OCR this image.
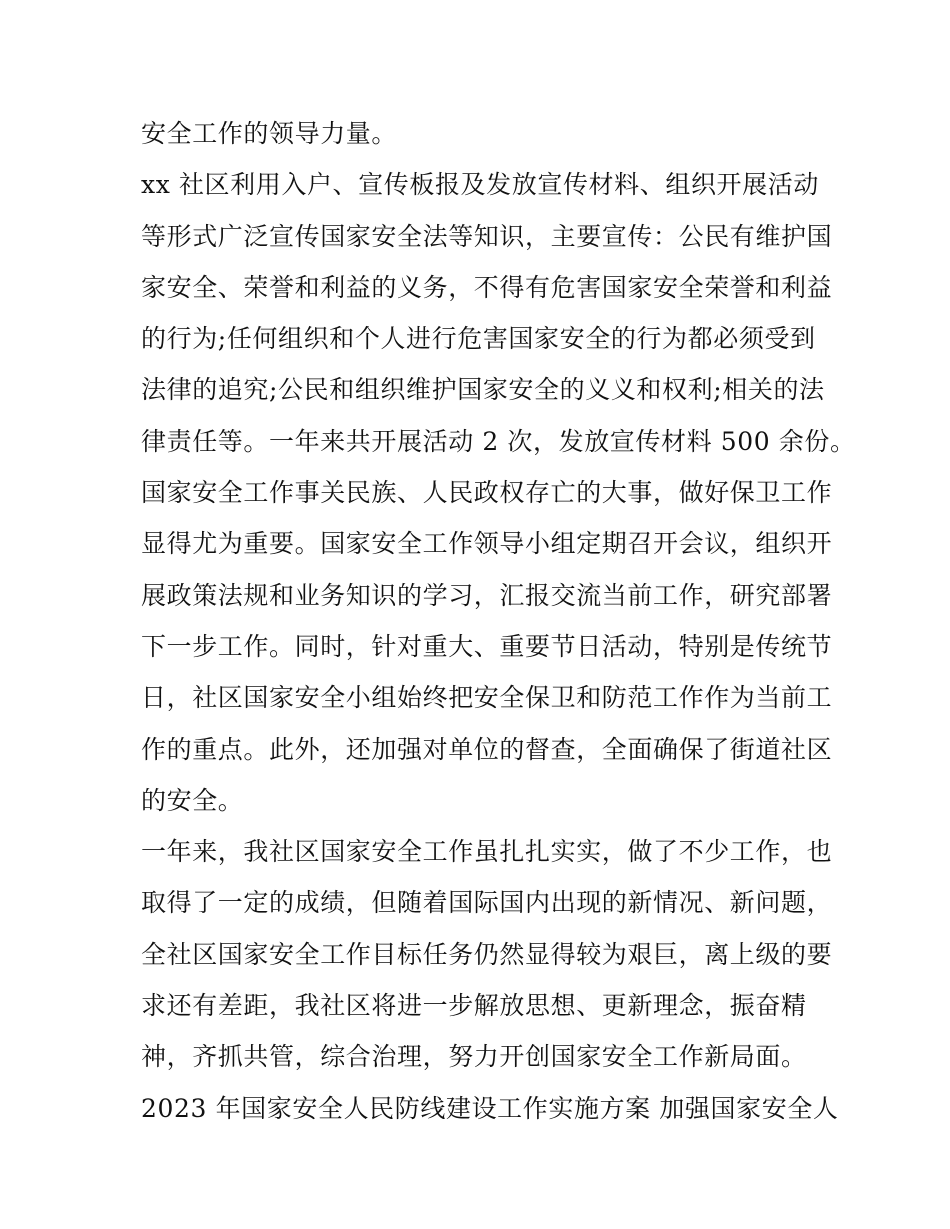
安全工作的领导力量。
xx 社区利用入户、宣传板报及发放宣传材料、组织开展活动
等形式广泛宣传国家安全法等知识，主要宣传：公民有维护国
家安全、荣誉和利益的义务，不得有危害国家安全荣誉和利益
的行为;任何组织和个人进行危害国家安全的行为都必须受到
法律的追究;公民和组织维护国家安全的义义和权利;相关的法
律责任等。一年来共开展活动 2 次，发放宣传材料 500 余份。
国家安全工作事关民族、人民政权存亡的大事，做好保卫工作
显得尤为重要。国家安全工作领导小组定期召开会议，组织开
展政策法规和业务知识的学习，汇报交流当前工作，研究部署
下一步工作。同时，针对重大、重要节日活动，特别是传统节
日，社区国家安全小组始终把安全保卫和防范工作作为当前工
作的重点。此外，还加强对单位的督查，全面确保了街道社区
的安全。
一年来，我社区国家安全工作虽扎扎实实，做了不少工作，也
取得了一定的成绩，但随着国际国内出现的新情况、新问题，
全社区国家安全工作目标任务仍然显得较为艰巨，离上级的要
求还有差距，我社区将进一步解放思想、更新理念，振奋精
神，齐抓共管，综合治理，努力开创国家安全工作新局面。
2023 年国家安全人民防线建设工作实施方案 加强国家安全人
